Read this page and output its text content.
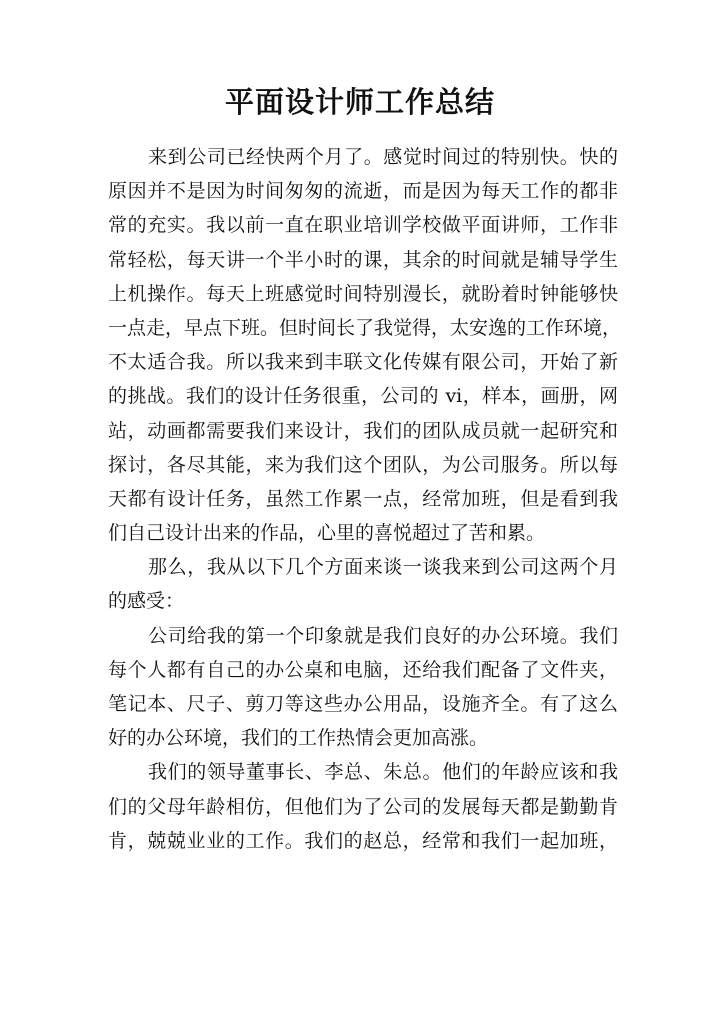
平面设计师工作总结
来到公司已经快两个月了。感觉时间过的特别快。快的
原因并不是因为时间匆匆的流逝，而是因为每天工作的都非
常的充实。我以前一直在职业培训学校做平面讲师，工作非
常轻松，每天讲一个半小时的课，其余的时间就是辅导学生
上机操作。每天上班感觉时间特别漫长，就盼着时钟能够快
一点走，早点下班。但时间长了我觉得，太安逸的工作环境，
不太适合我。所以我来到丰联文化传媒有限公司，开始了新
的挑战。我们的设计任务很重，公司的 vi，样本，画册，网
站，动画都需要我们来设计，我们的团队成员就一起研究和
探讨，各尽其能，来为我们这个团队，为公司服务。所以每
天都有设计任务，虽然工作累一点，经常加班，但是看到我
们自己设计出来的作品，心里的喜悦超过了苦和累。
那么，我从以下几个方面来谈一谈我来到公司这两个月
的感受：
公司给我的第一个印象就是我们良好的办公环境。我们
每个人都有自己的办公桌和电脑，还给我们配备了文件夹，
笔记本、尺子、剪刀等这些办公用品，设施齐全。有了这么
好的办公环境，我们的工作热情会更加高涨。
我们的领导董事长、李总、朱总。他们的年龄应该和我
们的父母年龄相仿，但他们为了公司的发展每天都是勤勤肯
肯，兢兢业业的工作。我们的赵总，经常和我们一起加班，
